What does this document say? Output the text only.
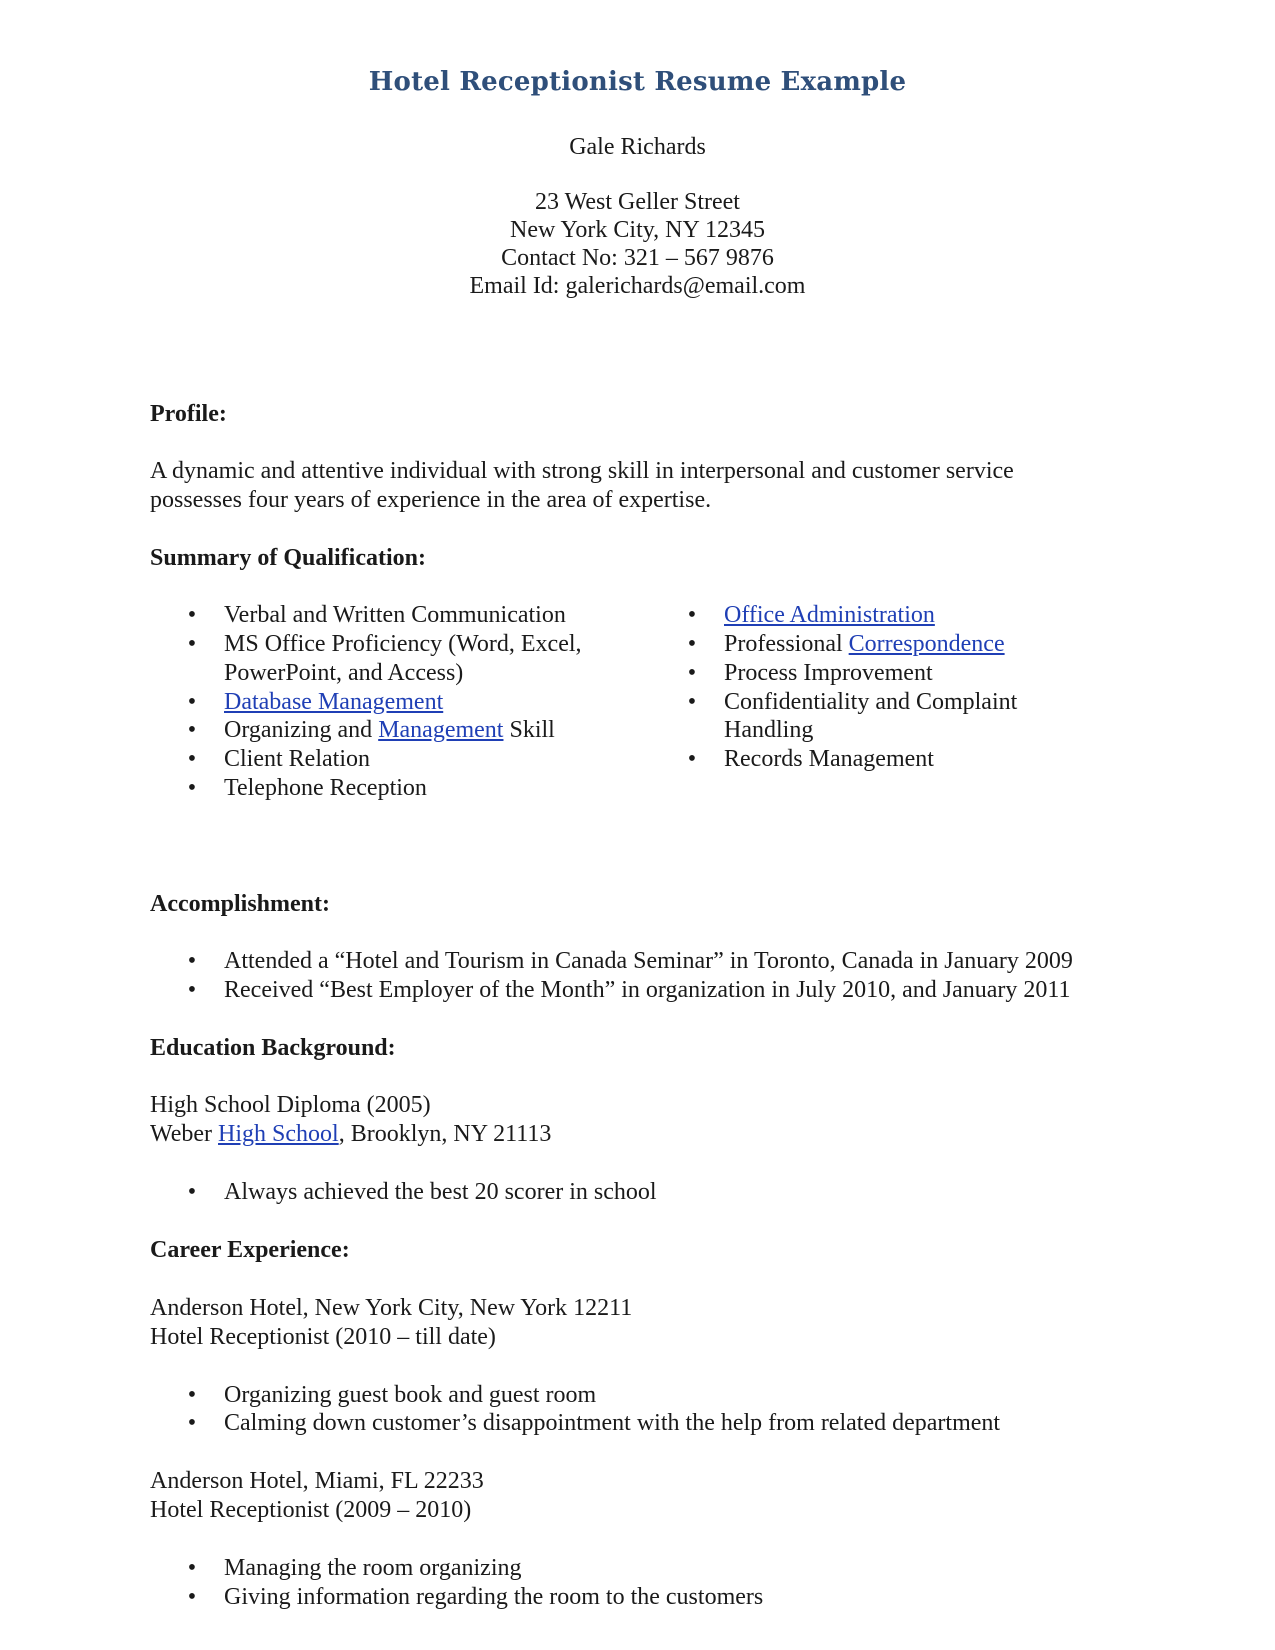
Hotel Receptionist Resume Example
Gale Richards
23 West Geller Street
New York City, NY 12345
Contact No: 321 – 567 9876
Email Id: galerichards@email.com
Profile:
A dynamic and attentive individual with strong skill in interpersonal and customer service
possesses four years of experience in the area of expertise.
Summary of Qualification:
• Verbal and Written Communication
• MS Office Proficiency (Word, Excel,
PowerPoint, and Access)
• Database Management
• Organizing and Management Skill
• Client Relation
• Telephone Reception
• Office Administration
• Professional Correspondence
• Process Improvement
• Confidentiality and Complaint
Handling
• Records Management
Accomplishment:
• Attended a “Hotel and Tourism in Canada Seminar” in Toronto, Canada in January 2009
• Received “Best Employer of the Month” in organization in July 2010, and January 2011
Education Background:
High School Diploma (2005)
Weber High School, Brooklyn, NY 21113
• Always achieved the best 20 scorer in school
Career Experience:
Anderson Hotel, New York City, New York 12211
Hotel Receptionist (2010 – till date)
• Organizing guest book and guest room
• Calming down customer’s disappointment with the help from related department
Anderson Hotel, Miami, FL 22233
Hotel Receptionist (2009 – 2010)
• Managing the room organizing
• Giving information regarding the room to the customers
